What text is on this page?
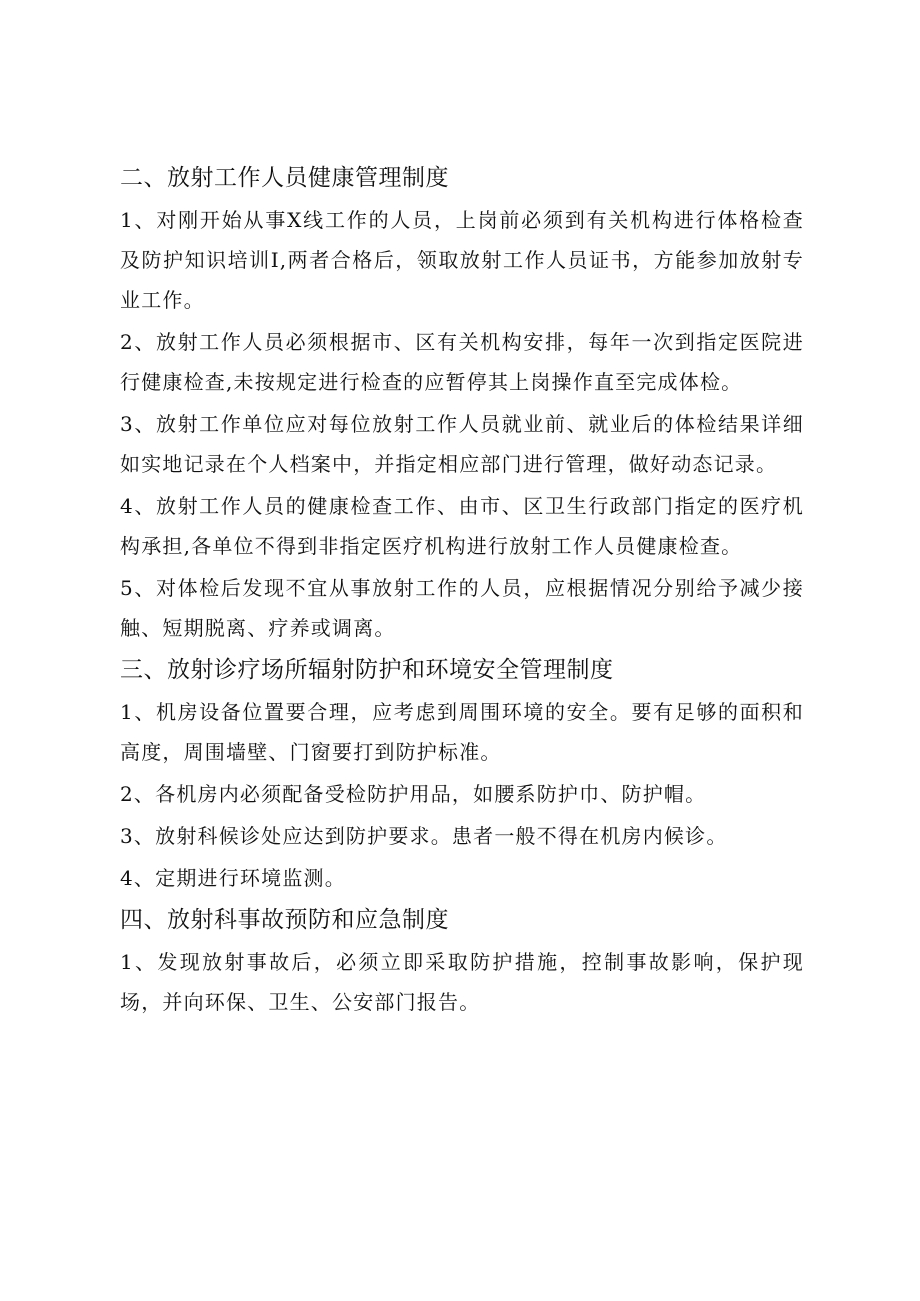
二、放射工作人员健康管理制度

1、对刚开始从事X线工作的人员，上岗前必须到有关机构进行体格检查及防护知识培训I,两者合格后，领取放射工作人员证书，方能参加放射专业工作。

2、放射工作人员必须根据市、区有关机构安排，每年一次到指定医院进行健康检查,未按规定进行检查的应暂停其上岗操作直至完成体检。

3、放射工作单位应对每位放射工作人员就业前、就业后的体检结果详细如实地记录在个人档案中，并指定相应部门进行管理，做好动态记录。

4、放射工作人员的健康检查工作、由市、区卫生行政部门指定的医疗机构承担,各单位不得到非指定医疗机构进行放射工作人员健康检查。

5、对体检后发现不宜从事放射工作的人员，应根据情况分别给予减少接触、短期脱离、疗养或调离。

三、放射诊疗场所辐射防护和环境安全管理制度

1、机房设备位置要合理，应考虑到周围环境的安全。要有足够的面积和高度，周围墙壁、门窗要打到防护标准。

2、各机房内必须配备受检防护用品，如腰系防护巾、防护帽。

3、放射科候诊处应达到防护要求。患者一般不得在机房内候诊。

4、定期进行环境监测。

四、放射科事故预防和应急制度

1、发现放射事故后，必须立即采取防护措施，控制事故影响，保护现场，并向环保、卫生、公安部门报告。
